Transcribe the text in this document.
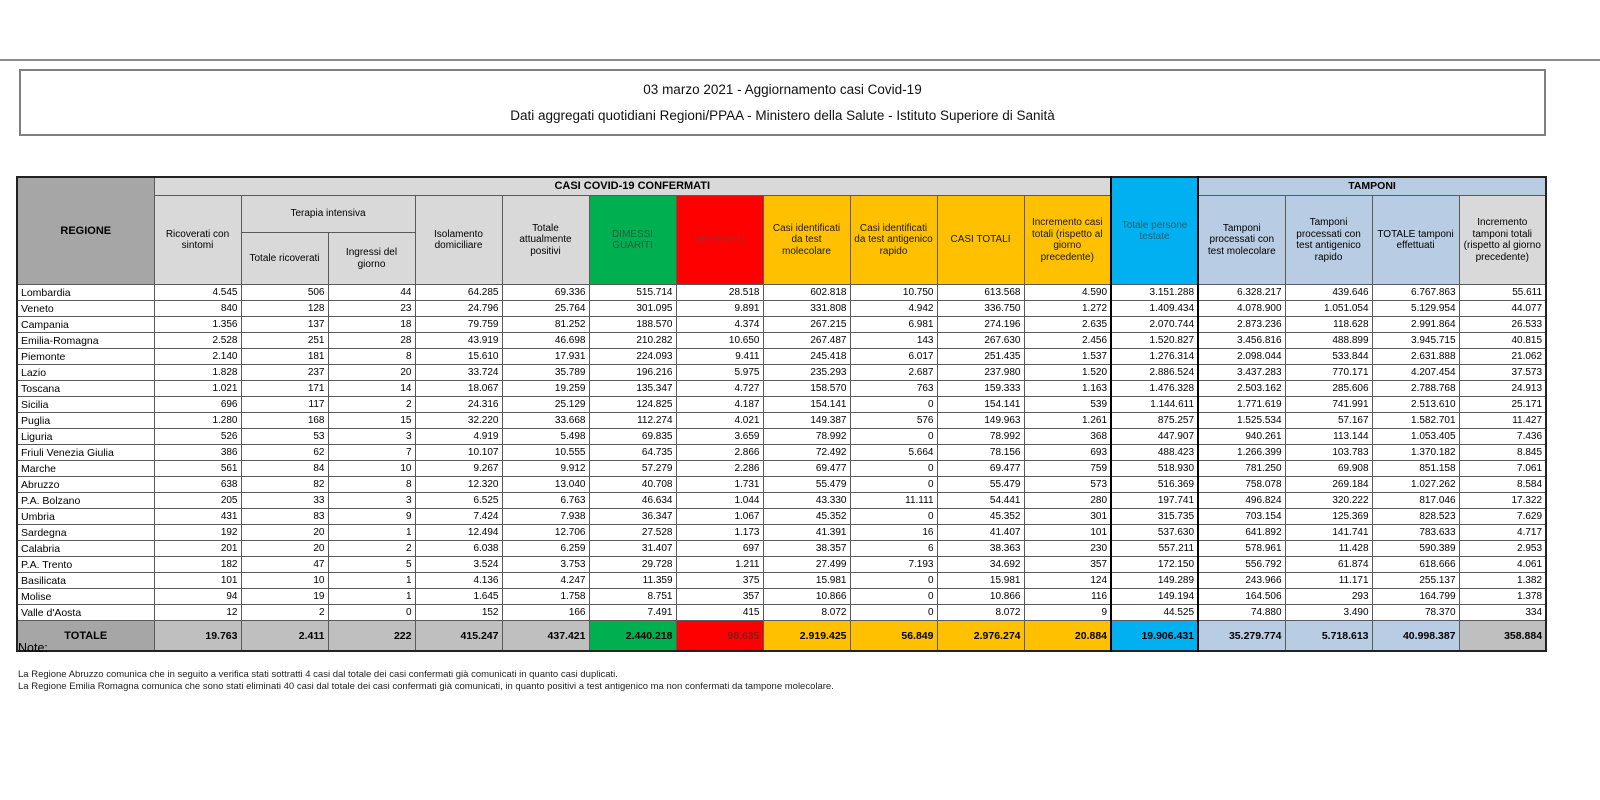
03 marzo 2021 - Aggiornamento casi Covid-19
Dati aggregati quotidiani Regioni/PPAA - Ministero della Salute - Istituto Superiore di Sanità
REGIONE	CASI COVID-19 CONFERMATI											Totale persone testate	TAMPONI			
	Ricoverati con sintomi	Terapia intensiva		Isolamento domiciliare	Totale attualmente positivi	DIMESSI GUARITI	DECEDUTI	Casi identificati da test molecolare	Casi identificati da test antigenico rapido	CASI TOTALI	Incremento casi totali (rispetto al giorno precedente)		Tamponi processati con test molecolare	Tamponi processati con test antigenico rapido	TOTALE tamponi effettuati	Incremento tamponi totali (rispetto al giorno precedente)
		Totale ricoverati	Ingressi del giorno													
Lombardia	4.545	506	44	64.285	69.336	515.714	28.518	602.818	10.750	613.568	4.590	3.151.288	6.328.217	439.646	6.767.863	55.611
Veneto	840	128	23	24.796	25.764	301.095	9.891	331.808	4.942	336.750	1.272	1.409.434	4.078.900	1.051.054	5.129.954	44.077
Campania	1.356	137	18	79.759	81.252	188.570	4.374	267.215	6.981	274.196	2.635	2.070.744	2.873.236	118.628	2.991.864	26.533
Emilia-Romagna	2.528	251	28	43.919	46.698	210.282	10.650	267.487	143	267.630	2.456	1.520.827	3.456.816	488.899	3.945.715	40.815
Piemonte	2.140	181	8	15.610	17.931	224.093	9.411	245.418	6.017	251.435	1.537	1.276.314	2.098.044	533.844	2.631.888	21.062
Lazio	1.828	237	20	33.724	35.789	196.216	5.975	235.293	2.687	237.980	1.520	2.886.524	3.437.283	770.171	4.207.454	37.573
Toscana	1.021	171	14	18.067	19.259	135.347	4.727	158.570	763	159.333	1.163	1.476.328	2.503.162	285.606	2.788.768	24.913
Sicilia	696	117	2	24.316	25.129	124.825	4.187	154.141	0	154.141	539	1.144.611	1.771.619	741.991	2.513.610	25.171
Puglia	1.280	168	15	32.220	33.668	112.274	4.021	149.387	576	149.963	1.261	875.257	1.525.534	57.167	1.582.701	11.427
Liguria	526	53	3	4.919	5.498	69.835	3.659	78.992	0	78.992	368	447.907	940.261	113.144	1.053.405	7.436
Friuli Venezia Giulia	386	62	7	10.107	10.555	64.735	2.866	72.492	5.664	78.156	693	488.423	1.266.399	103.783	1.370.182	8.845
Marche	561	84	10	9.267	9.912	57.279	2.286	69.477	0	69.477	759	518.930	781.250	69.908	851.158	7.061
Abruzzo	638	82	8	12.320	13.040	40.708	1.731	55.479	0	55.479	573	516.369	758.078	269.184	1.027.262	8.584
P.A. Bolzano	205	33	3	6.525	6.763	46.634	1.044	43.330	11.111	54.441	280	197.741	496.824	320.222	817.046	17.322
Umbria	431	83	9	7.424	7.938	36.347	1.067	45.352	0	45.352	301	315.735	703.154	125.369	828.523	7.629
Sardegna	192	20	1	12.494	12.706	27.528	1.173	41.391	16	41.407	101	537.630	641.892	141.741	783.633	4.717
Calabria	201	20	2	6.038	6.259	31.407	697	38.357	6	38.363	230	557.211	578.961	11.428	590.389	2.953
P.A. Trento	182	47	5	3.524	3.753	29.728	1.211	27.499	7.193	34.692	357	172.150	556.792	61.874	618.666	4.061
Basilicata	101	10	1	4.136	4.247	11.359	375	15.981	0	15.981	124	149.289	243.966	11.171	255.137	1.382
Molise	94	19	1	1.645	1.758	8.751	357	10.866	0	10.866	116	149.194	164.506	293	164.799	1.378
Valle d'Aosta	12	2	0	152	166	7.491	415	8.072	0	8.072	9	44.525	74.880	3.490	78.370	334
TOTALE	19.763	2.411	222	415.247	437.421	2.440.218	98.635	2.919.425	56.849	2.976.274	20.884	19.906.431	35.279.774	5.718.613	40.998.387	358.884
Note:
La Regione Abruzzo comunica che in seguito a verifica stati sottratti 4 casi dal totale dei casi confermati già comunicati in quanto casi duplicati.
La Regione Emilia Romagna comunica che sono stati eliminati 40 casi dal totale dei casi confermati già comunicati, in quanto positivi a test antigenico ma non confermati da tampone molecolare.
